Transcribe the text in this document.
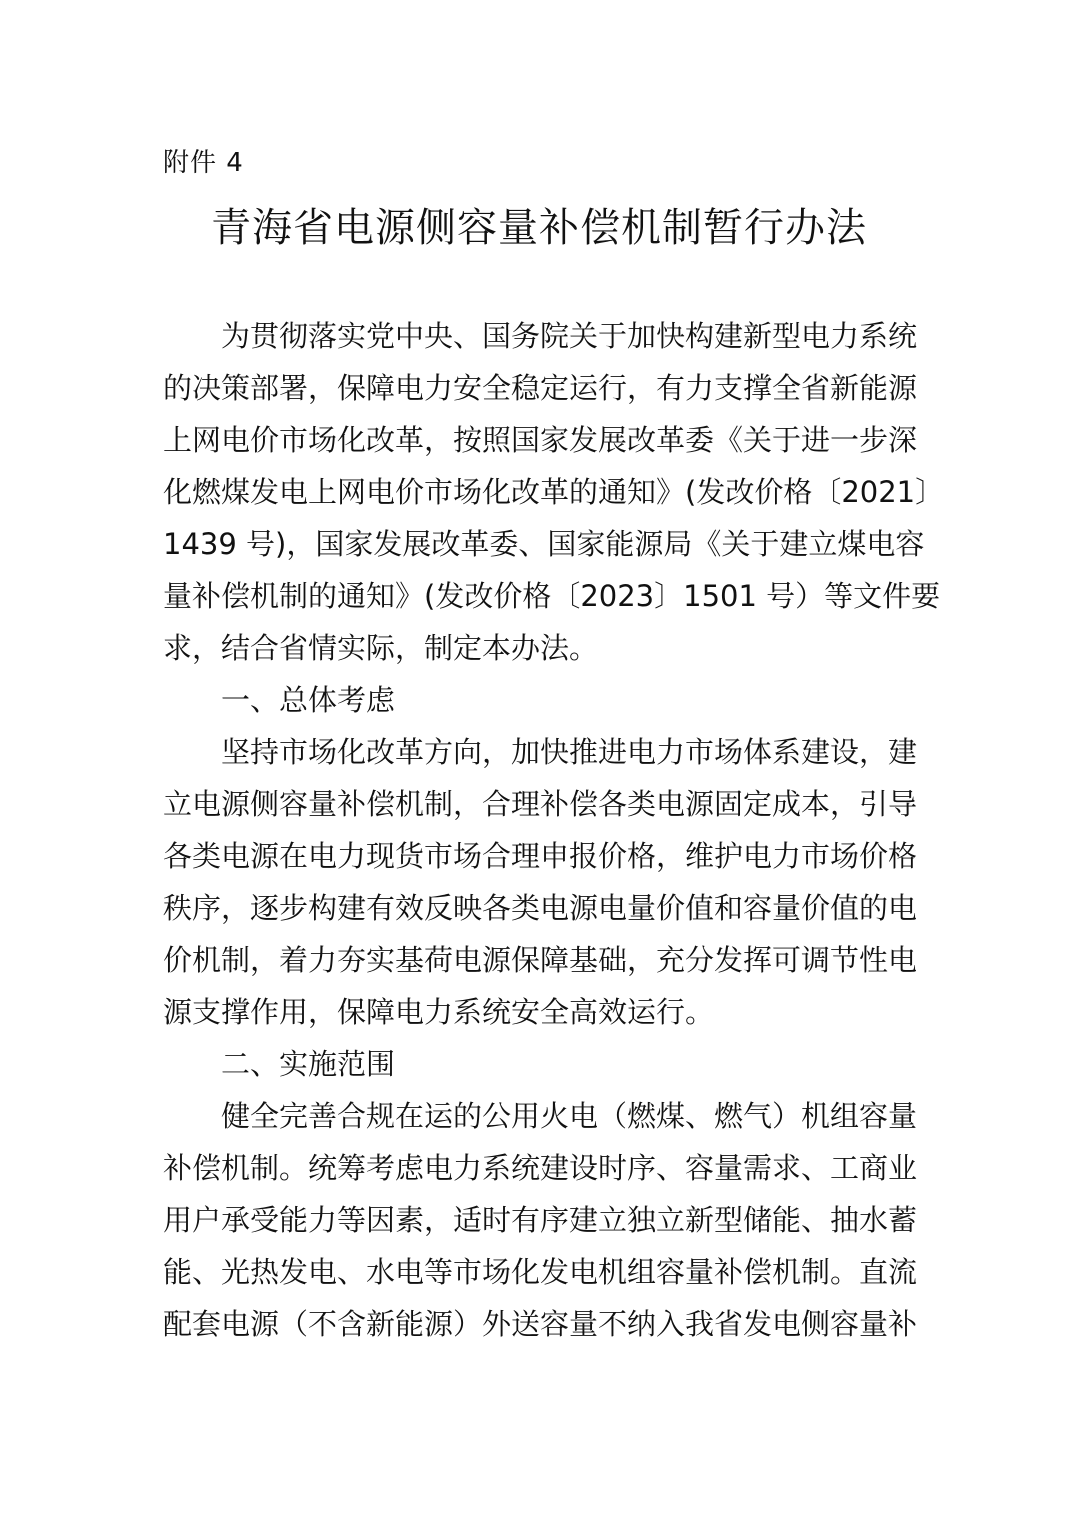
附件 4
青海省电源侧容量补偿机制暂行办法

为贯彻落实党中央、国务院关于加快构建新型电力系统

的决策部署，保障电力安全稳定运行，有力支撑全省新能源

上网电价市场化改革，按照国家发展改革委《关于进一步深

化燃煤发电上网电价市场化改革的通知》(发改价格〔2021〕

1439 号)，国家发展改革委、国家能源局《关于建立煤电容

量补偿机制的通知》(发改价格〔2023〕1501 号）等文件要

求，结合省情实际，制定本办法。

一、总体考虑

坚持市场化改革方向，加快推进电力市场体系建设，建

立电源侧容量补偿机制，合理补偿各类电源固定成本，引导

各类电源在电力现货市场合理申报价格，维护电力市场价格

秩序，逐步构建有效反映各类电源电量价值和容量价值的电

价机制，着力夯实基荷电源保障基础，充分发挥可调节性电

源支撑作用，保障电力系统安全高效运行。

二、实施范围

健全完善合规在运的公用火电（燃煤、燃气）机组容量

补偿机制。统筹考虑电力系统建设时序、容量需求、工商业

用户承受能力等因素，适时有序建立独立新型储能、抽水蓄

能、光热发电、水电等市场化发电机组容量补偿机制。直流

配套电源（不含新能源）外送容量不纳入我省发电侧容量补
